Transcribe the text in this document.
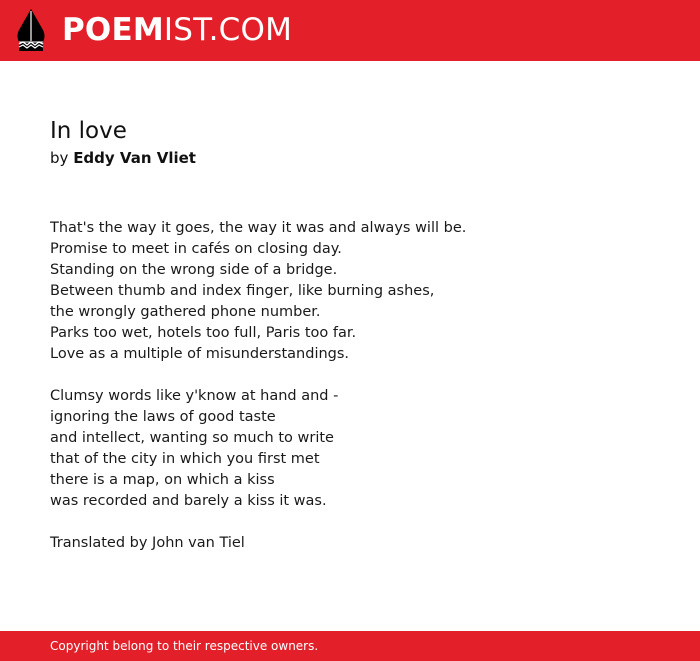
POEMIST.COM
In love
by Eddy Van Vliet

That's the way it goes, the way it was and always will be.
Promise to meet in cafés on closing day.
Standing on the wrong side of a bridge.
Between thumb and index finger, like burning ashes,
the wrongly gathered phone number.
Parks too wet, hotels too full, Paris too far.
Love as a multiple of misunderstandings.

Clumsy words like y'know at hand and -
ignoring the laws of good taste
and intellect, wanting so much to write
that of the city in which you first met
there is a map, on which a kiss
was recorded and barely a kiss it was.

Translated by John van Tiel
Copyright belong to their respective owners.
